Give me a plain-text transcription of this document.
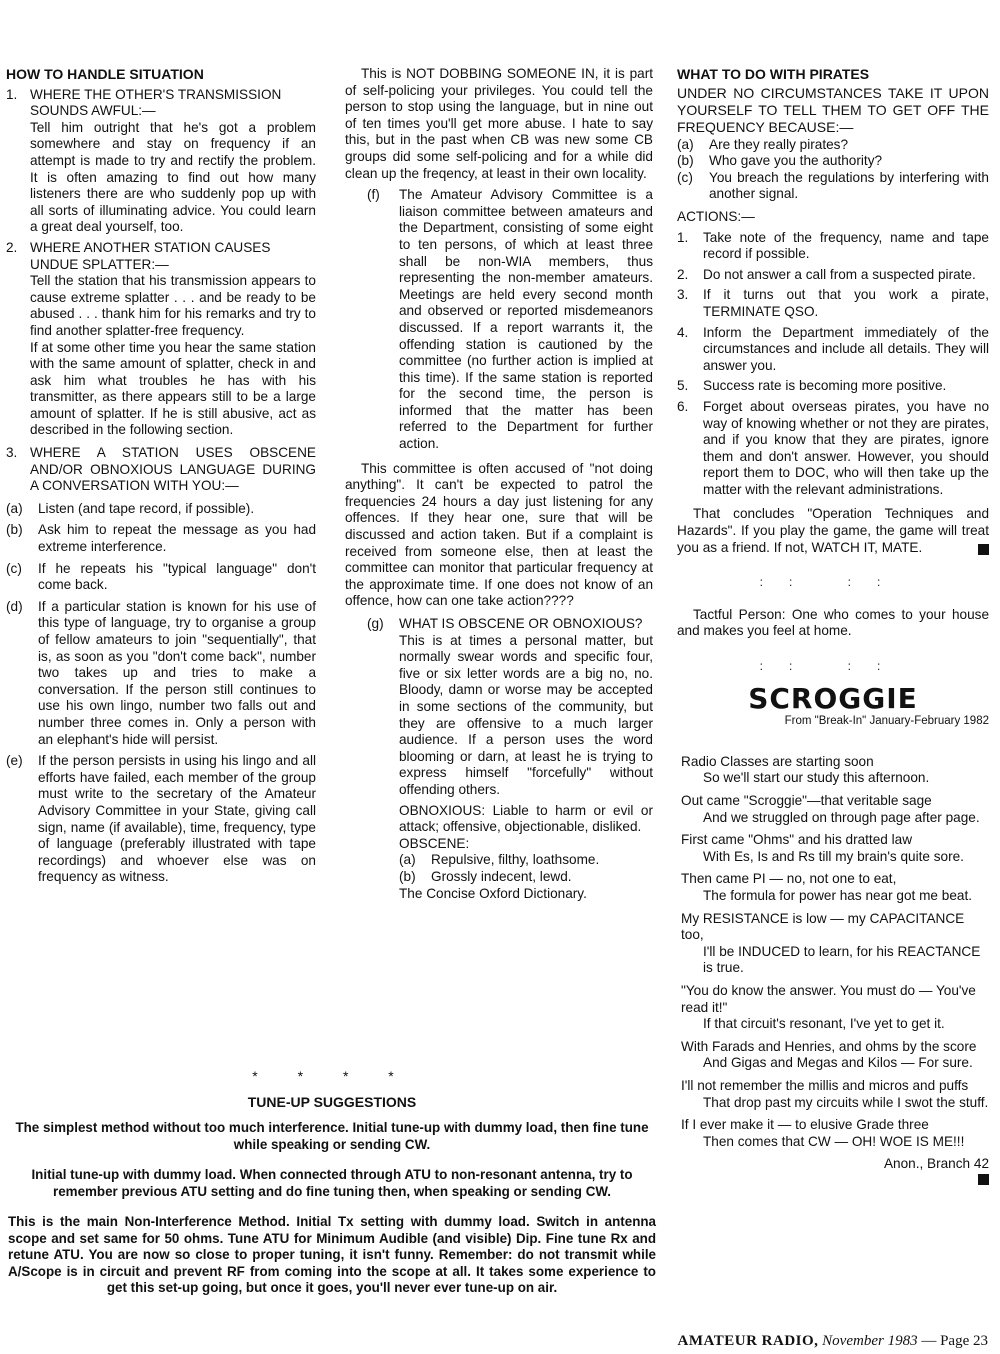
HOW TO HANDLE SITUATION
1. WHERE THE OTHER'S TRANSMISSION SOUNDS AWFUL:—
Tell him outright that he's got a problem somewhere and stay on frequency if an attempt is made to try and rectify the problem. It is often amazing to find out how many listeners there are who suddenly pop up with all sorts of illuminating advice. You could learn a great deal yourself, too.
2. WHERE ANOTHER STATION CAUSES UNDUE SPLATTER:—
Tell the station that his transmission appears to cause extreme splatter . . . and be ready to be abused . . . thank him for his remarks and try to find another splatter-free frequency.
If at some other time you hear the same station with the same amount of splatter, check in and ask him what troubles he has with his transmitter, as there appears still to be a large amount of splatter. If he is still abusive, act as described in the following section.
3. WHERE A STATION USES OBSCENE AND/OR OBNOXIOUS LANGUAGE DURING A CONVERSATION WITH YOU:—
(a)	Listen (and tape record, if possible).
(b)	Ask him to repeat the message as you had extreme interference.
(c)	If he repeats his "typical language" don't come back.
(d)	If a particular station is known for his use of this type of language, try to organise a group of fellow amateurs to join "sequentially", that is, as soon as you "don't come back", number two takes up and tries to make a conversation. If the person still continues to use his own lingo, number two falls out and number three comes in. Only a person with an elephant's hide will persist.
(e)	If the person persists in using his lingo and all efforts have failed, each member of the group must write to the secretary of the Amateur Advisory Committee in your State, giving call sign, name (if available), time, frequency, type of language (preferably illustrated with tape recordings) and whoever else was on frequency as witness.

This is NOT DOBBING SOMEONE IN, it is part of self-policing your privileges. You could tell the person to stop using the language, but in nine out of ten times you'll get more abuse. I hate to say this, but in the past when CB was new some CB groups did some self-policing and for a while did clean up the freqency, at least in their own locality.

(f)	The Amateur Advisory Committee is a liaison committee between amateurs and the Department, consisting of some eight to ten persons, of which at least three shall be non-WIA members, thus representing the non-member amateurs. Meetings are held every second month and observed or reported misdemeanors discussed. If a report warrants it, the offending station is cautioned by the committee (no further action is implied at this time). If the same station is reported for the second time, the person is informed that the matter has been referred to the Department for further action.

This committee is often accused of "not doing anything". It can't be expected to patrol the frequencies 24 hours a day just listening for any offences. If they hear one, sure that will be discussed and action taken. But if a complaint is received from someone else, then at least the committee can monitor that particular frequency at the approximate time. If one does not know of an offence, how can one take action????

(g)	WHAT IS OBSCENE OR OBNOXIOUS?
This is at times a personal matter, but normally swear words and specific four, five or six letter words are a big no, no. Bloody, damn or worse may be accepted in some sections of the community, but they are offensive to a much larger audience. If a person uses the word blooming or darn, at least he is trying to express himself "forcefully" without offending others.
OBNOXIOUS: Liable to harm or evil or attack; offensive, objectionable, disliked.
OBSCENE:
(a)	Repulsive, filthy, loathsome.
(b)	Grossly indecent, lewd.
The Concise Oxford Dictionary.
* * * *
TUNE-UP SUGGESTIONS

The simplest method without too much interference. Initial tune-up with dummy load, then fine tune while speaking or sending CW.

Initial tune-up with dummy load. When connected through ATU to non-resonant antenna, try to remember previous ATU setting and do fine tuning then, when speaking or sending CW.

This is the main Non-Interference Method. Initial Tx setting with dummy load. Switch in antenna scope and set same for 50 ohms. Tune ATU for Minimum Audible (and visible) Dip. Fine tune Rx and retune ATU. You are now so close to proper tuning, it isn't funny. Remember: do not transmit while A/Scope is in circuit and prevent RF from coming into the scope at all. It takes some experience to get this set-up going, but once it goes, you'll never ever tune-up on air.

WHAT TO DO WITH PIRATES
UNDER NO CIRCUMSTANCES TAKE IT UPON YOURSELF TO TELL THEM TO GET OFF THE FREQUENCY BECAUSE:—
(a)	Are they really pirates?
(b)	Who gave you the authority?
(c)	You breach the regulations by interfering with another signal.
ACTIONS:—
1.	Take note of the frequency, name and tape record if possible.
2.	Do not answer a call from a suspected pirate.
3.	If it turns out that you work a pirate, TERMINATE QSO.
4.	Inform the Department immediately of the circumstances and include all details. They will answer you.
5.	Success rate is becoming more positive.
6.	Forget about overseas pirates, you have no way of knowing whether or not they are pirates, and if you know that they are pirates, ignore them and don't answer. However, you should report them to DOC, who will then take up the matter with the relevant administrations.

That concludes "Operation Techniques and Hazards". If you play the game, the game will treat you as a friend. If not, WATCH IT, MATE.

:: ::

Tactful Person: One who comes to your house and makes you feel at home.

:: ::
SCROGGIE
From "Break-In" January-February 1982
Radio Classes are starting soon
So we'll start our study this afternoon.
Out came "Scroggie"—that veritable sage
And we struggled on through page after page.
First came "Ohms" and his dratted law
With Es, Is and Rs till my brain's quite sore.
Then came PI — no, not one to eat,
The formula for power has near got me beat.
My RESISTANCE is low — my CAPACITANCE too,
I'll be INDUCED to learn, for his REACTANCE is true.
"You do know the answer. You must do — You've read it!"
If that circuit's resonant, I've yet to get it.
With Farads and Henries, and ohms by the score
And Gigas and Megas and Kilos — For sure.
I'll not remember the millis and micros and puffs
That drop past my circuits while I swot the stuff.
If I ever make it — to elusive Grade three
Then comes that CW — OH! WOE IS ME!!!
Anon., Branch 42
AMATEUR RADIO, November 1983 — Page 23
